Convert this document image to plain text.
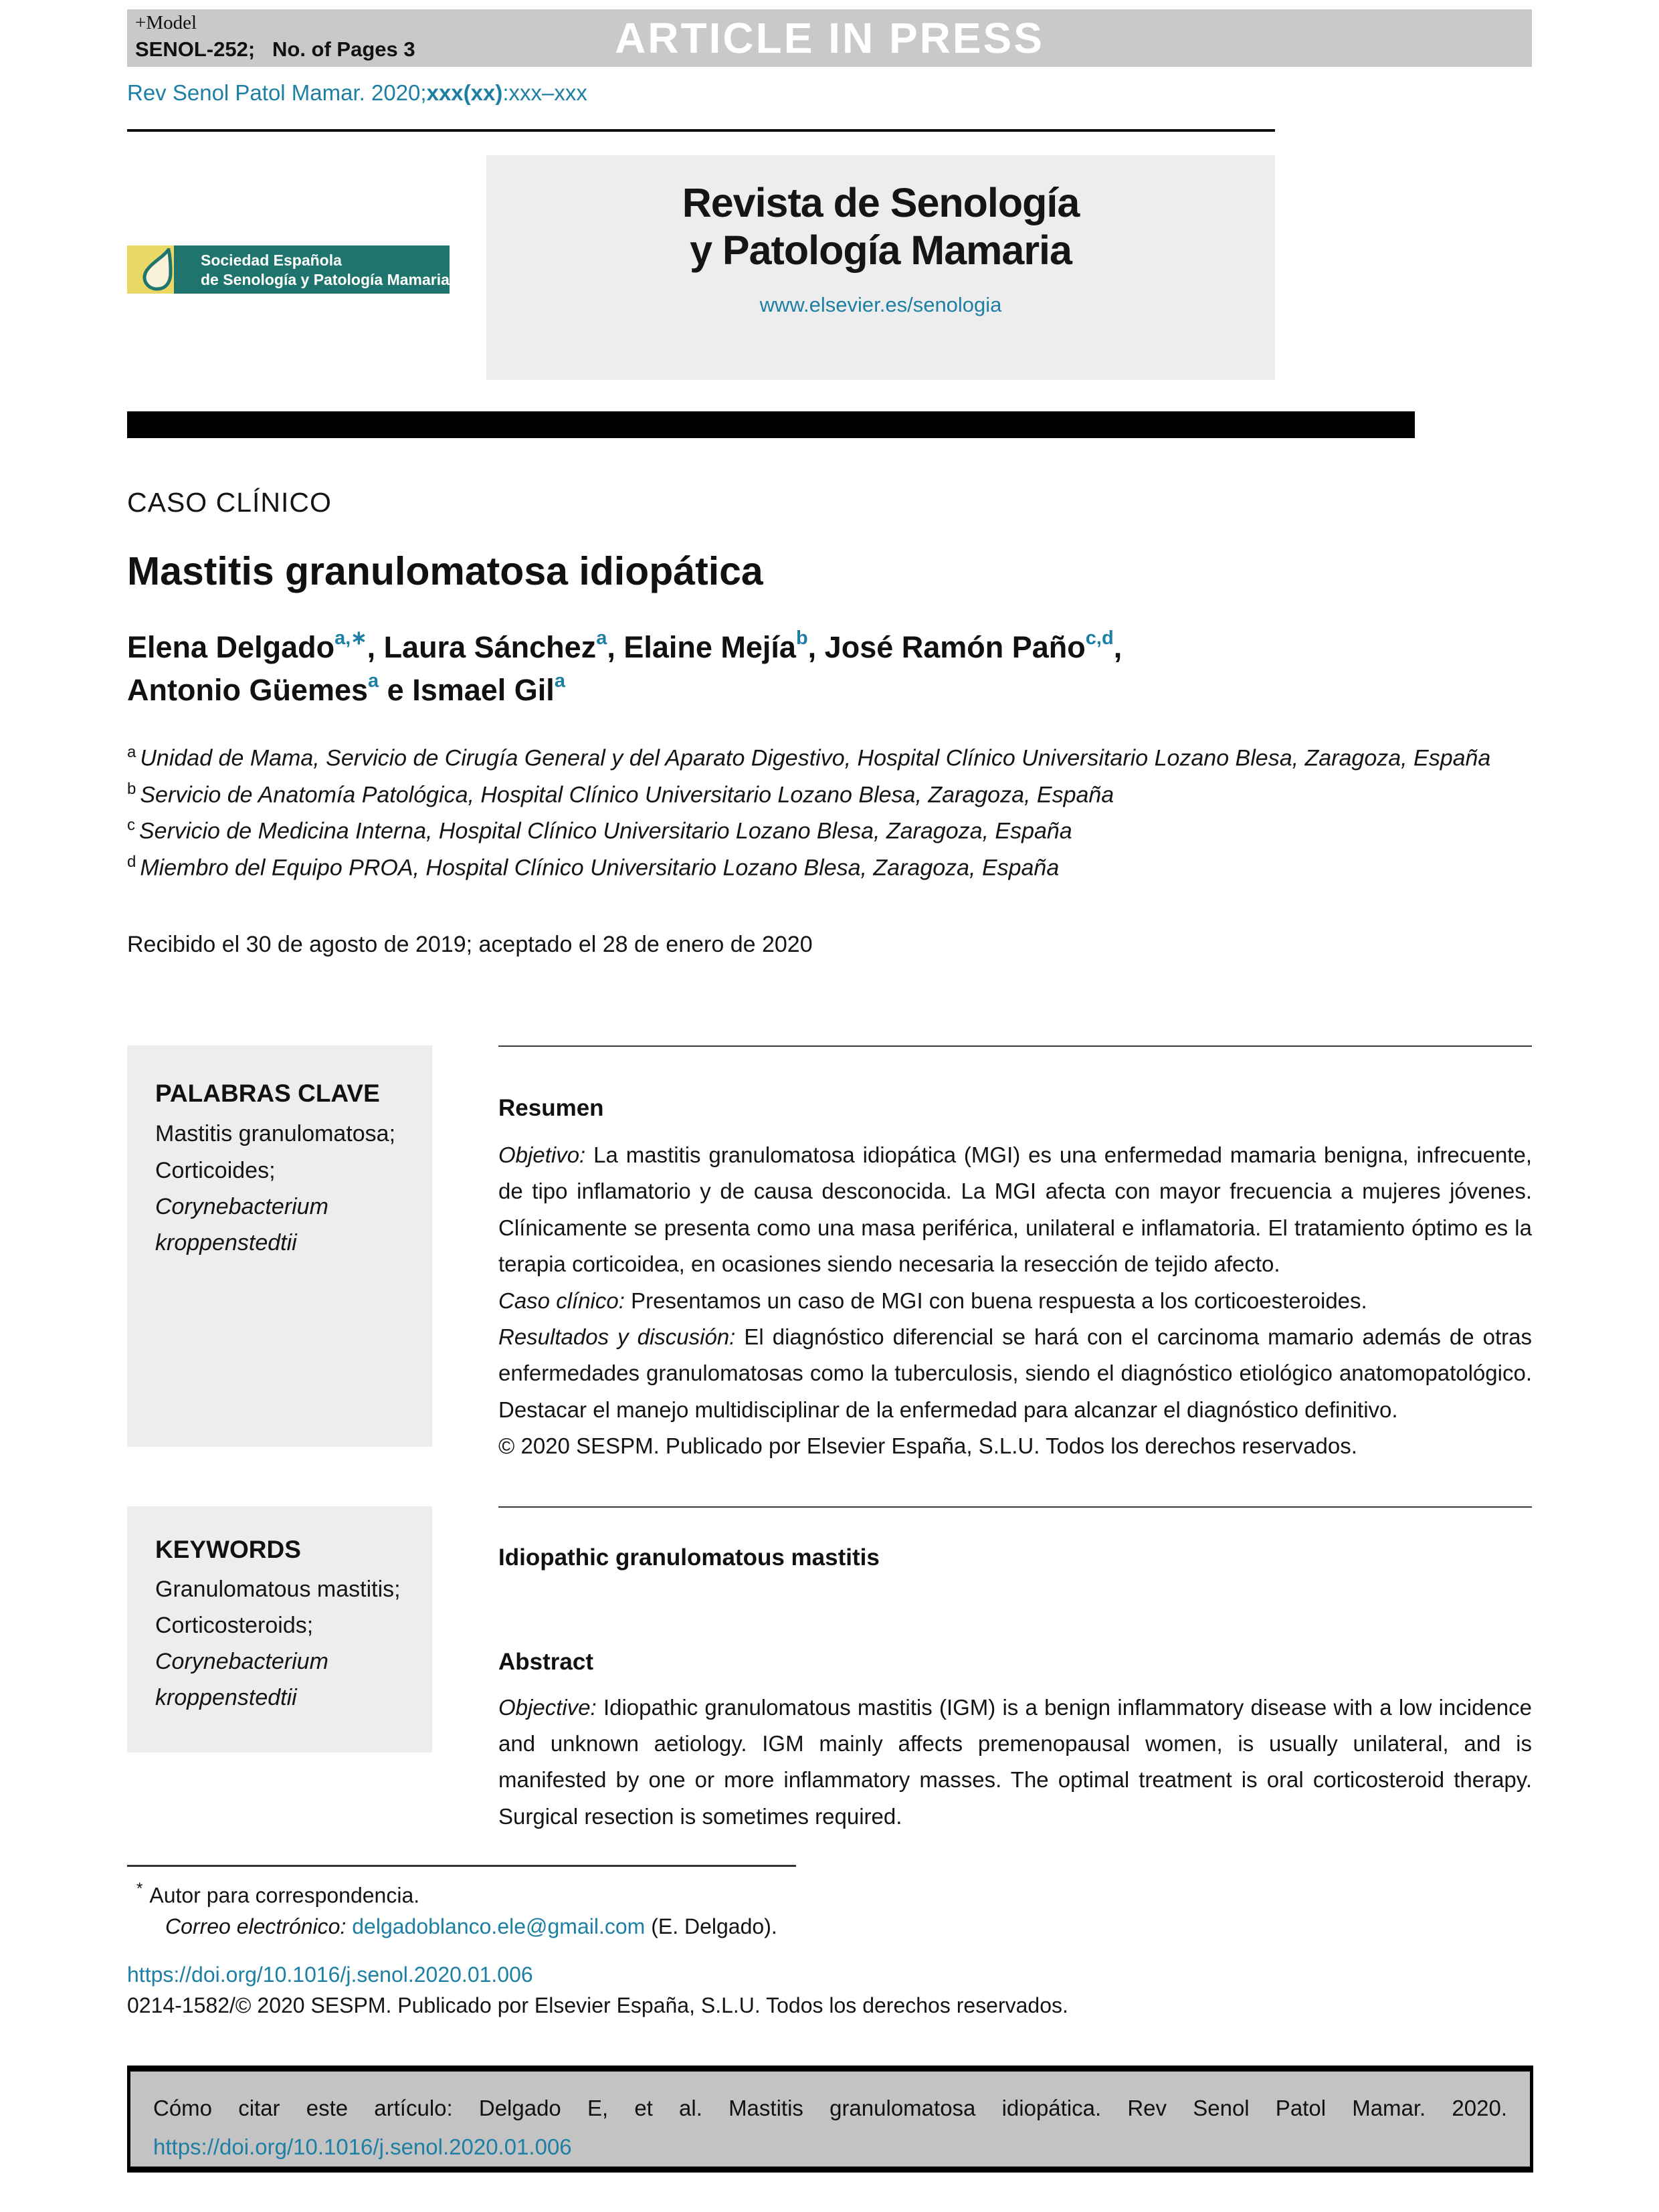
+Model
SENOL-252;   No. of Pages 3	ARTICLE IN PRESS
Rev Senol Patol Mamar. 2020;xxx(xx):xxx–xxx
Revista de Senología
y Patología Mamaria
www.elsevier.es/senologia
Sociedad Española
de Senología y Patología Mamaria
CASO CLÍNICO
Mastitis granulomatosa idiopática
Elena Delgado$^{a,∗}$, Laura Sánchez$^a$, Elaine Mejía$^b$, José Ramón Paño$^{c,d}$,
Antonio Güemes$^a$ e Ismael Gil$^a$
$^a$ Unidad de Mama, Servicio de Cirugía General y del Aparato Digestivo, Hospital Clínico Universitario Lozano Blesa, Zaragoza, España
$^b$ Servicio de Anatomía Patológica, Hospital Clínico Universitario Lozano Blesa, Zaragoza, España
$^c$ Servicio de Medicina Interna, Hospital Clínico Universitario Lozano Blesa, Zaragoza, España
$^d$ Miembro del Equipo PROA, Hospital Clínico Universitario Lozano Blesa, Zaragoza, España
Recibido el 30 de agosto de 2019; aceptado el 28 de enero de 2020
PALABRAS CLAVE
Mastitis granulomatosa;
Corticoides;
Corynebacterium kroppenstedtii
Resumen

Objetivo: La mastitis granulomatosa idiopática (MGI) es una enfermedad mamaria benigna, infrecuente, de tipo inflamatorio y de causa desconocida. La MGI afecta con mayor frecuencia a mujeres jóvenes. Clínicamente se presenta como una masa periférica, unilateral e inflamatoria. El tratamiento óptimo es la terapia corticoidea, en ocasiones siendo necesaria la resección de tejido afecto.

Caso clínico: Presentamos un caso de MGI con buena respuesta a los corticoesteroides.

Resultados y discusión: El diagnóstico diferencial se hará con el carcinoma mamario además de otras enfermedades granulomatosas como la tuberculosis, siendo el diagnóstico etiológico anatomopatológico. Destacar el manejo multidisciplinar de la enfermedad para alcanzar el diagnóstico definitivo.

© 2020 SESPM. Publicado por Elsevier España, S.L.U. Todos los derechos reservados.

KEYWORDS
Granulomatous mastitis;
Corticosteroids;
Corynebacterium kroppenstedtii
Idiopathic granulomatous mastitis
Abstract

Objective: Idiopathic granulomatous mastitis (IGM) is a benign inflammatory disease with a low incidence and unknown aetiology. IGM mainly affects premenopausal women, is usually unilateral, and is manifested by one or more inflammatory masses. The optimal treatment is oral corticosteroid therapy. Surgical resection is sometimes required.

* Autor para correspondencia.
Correo electrónico: delgadoblanco.ele@gmail.com (E. Delgado).
https://doi.org/10.1016/j.senol.2020.01.006
0214-1582/© 2020 SESPM. Publicado por Elsevier España, S.L.U. Todos los derechos reservados.
Cómo citar este artículo: Delgado E, et al. Mastitis granulomatosa idiopática. Rev Senol Patol Mamar. 2020.
https://doi.org/10.1016/j.senol.2020.01.006
